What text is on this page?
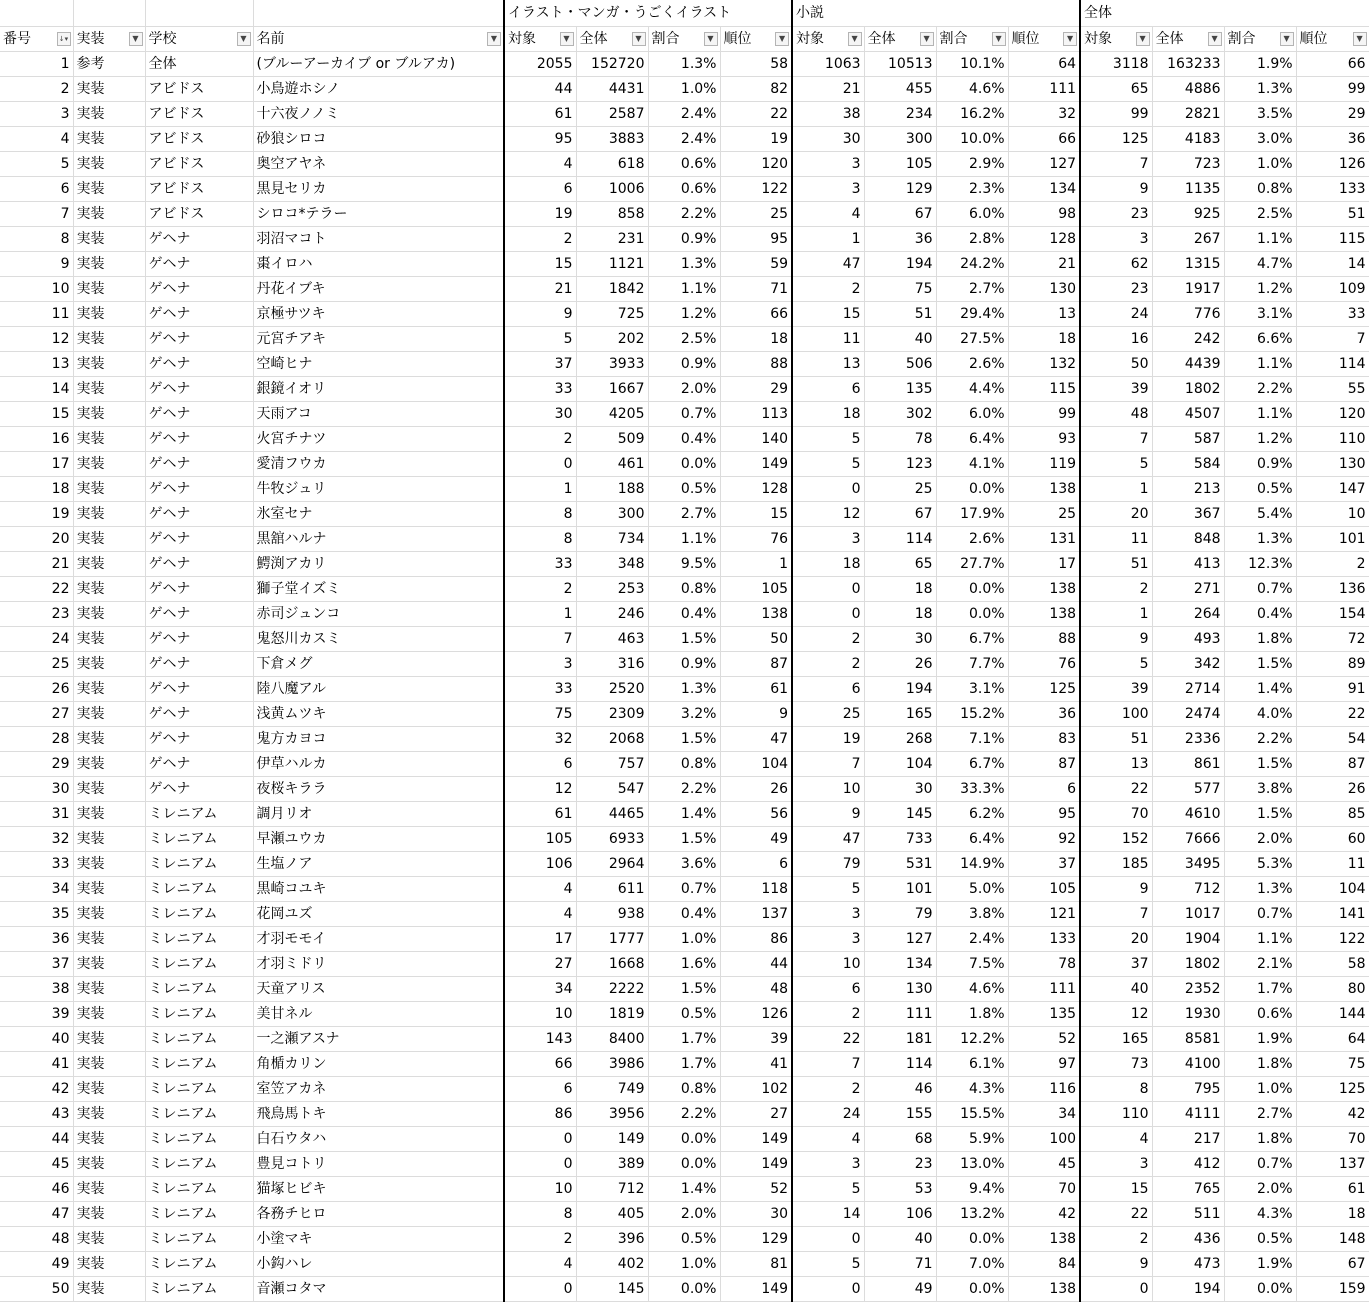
				イラスト・マンガ・うごくイラスト				小説				全体			
番号 ↓▾	実装 ▼	学校 ▼	名前 ▼	対象 ▼	全体 ▼	割合 ▼	順位 ▼	対象 ▼	全体 ▼	割合 ▼	順位 ▼	対象 ▼	全体 ▼	割合 ▼	順位 ▼

1	参考	全体	(ブルーアーカイブ or ブルアカ)	2055	152720	1.3%	58	1063	10513	10.1%	64	3118	163233	1.9%	66
2	実装	アビドス	小鳥遊ホシノ	44	4431	1.0%	82	21	455	4.6%	111	65	4886	1.3%	99
3	実装	アビドス	十六夜ノノミ	61	2587	2.4%	22	38	234	16.2%	32	99	2821	3.5%	29
4	実装	アビドス	砂狼シロコ	95	3883	2.4%	19	30	300	10.0%	66	125	4183	3.0%	36
5	実装	アビドス	奥空アヤネ	4	618	0.6%	120	3	105	2.9%	127	7	723	1.0%	126
6	実装	アビドス	黒見セリカ	6	1006	0.6%	122	3	129	2.3%	134	9	1135	0.8%	133
7	実装	アビドス	シロコ*テラー	19	858	2.2%	25	4	67	6.0%	98	23	925	2.5%	51
8	実装	ゲヘナ	羽沼マコト	2	231	0.9%	95	1	36	2.8%	128	3	267	1.1%	115
9	実装	ゲヘナ	棗イロハ	15	1121	1.3%	59	47	194	24.2%	21	62	1315	4.7%	14
10	実装	ゲヘナ	丹花イブキ	21	1842	1.1%	71	2	75	2.7%	130	23	1917	1.2%	109
11	実装	ゲヘナ	京極サツキ	9	725	1.2%	66	15	51	29.4%	13	24	776	3.1%	33
12	実装	ゲヘナ	元宮チアキ	5	202	2.5%	18	11	40	27.5%	18	16	242	6.6%	7
13	実装	ゲヘナ	空崎ヒナ	37	3933	0.9%	88	13	506	2.6%	132	50	4439	1.1%	114
14	実装	ゲヘナ	銀鏡イオリ	33	1667	2.0%	29	6	135	4.4%	115	39	1802	2.2%	55
15	実装	ゲヘナ	天雨アコ	30	4205	0.7%	113	18	302	6.0%	99	48	4507	1.1%	120
16	実装	ゲヘナ	火宮チナツ	2	509	0.4%	140	5	78	6.4%	93	7	587	1.2%	110
17	実装	ゲヘナ	愛清フウカ	0	461	0.0%	149	5	123	4.1%	119	5	584	0.9%	130
18	実装	ゲヘナ	牛牧ジュリ	1	188	0.5%	128	0	25	0.0%	138	1	213	0.5%	147
19	実装	ゲヘナ	氷室セナ	8	300	2.7%	15	12	67	17.9%	25	20	367	5.4%	10
20	実装	ゲヘナ	黒舘ハルナ	8	734	1.1%	76	3	114	2.6%	131	11	848	1.3%	101
21	実装	ゲヘナ	鰐渕アカリ	33	348	9.5%	1	18	65	27.7%	17	51	413	12.3%	2
22	実装	ゲヘナ	獅子堂イズミ	2	253	0.8%	105	0	18	0.0%	138	2	271	0.7%	136
23	実装	ゲヘナ	赤司ジュンコ	1	246	0.4%	138	0	18	0.0%	138	1	264	0.4%	154
24	実装	ゲヘナ	鬼怒川カスミ	7	463	1.5%	50	2	30	6.7%	88	9	493	1.8%	72
25	実装	ゲヘナ	下倉メグ	3	316	0.9%	87	2	26	7.7%	76	5	342	1.5%	89
26	実装	ゲヘナ	陸八魔アル	33	2520	1.3%	61	6	194	3.1%	125	39	2714	1.4%	91
27	実装	ゲヘナ	浅黄ムツキ	75	2309	3.2%	9	25	165	15.2%	36	100	2474	4.0%	22
28	実装	ゲヘナ	鬼方カヨコ	32	2068	1.5%	47	19	268	7.1%	83	51	2336	2.2%	54
29	実装	ゲヘナ	伊草ハルカ	6	757	0.8%	104	7	104	6.7%	87	13	861	1.5%	87
30	実装	ゲヘナ	夜桜キララ	12	547	2.2%	26	10	30	33.3%	6	22	577	3.8%	26
31	実装	ミレニアム	調月リオ	61	4465	1.4%	56	9	145	6.2%	95	70	4610	1.5%	85
32	実装	ミレニアム	早瀬ユウカ	105	6933	1.5%	49	47	733	6.4%	92	152	7666	2.0%	60
33	実装	ミレニアム	生塩ノア	106	2964	3.6%	6	79	531	14.9%	37	185	3495	5.3%	11
34	実装	ミレニアム	黒崎コユキ	4	611	0.7%	118	5	101	5.0%	105	9	712	1.3%	104
35	実装	ミレニアム	花岡ユズ	4	938	0.4%	137	3	79	3.8%	121	7	1017	0.7%	141
36	実装	ミレニアム	才羽モモイ	17	1777	1.0%	86	3	127	2.4%	133	20	1904	1.1%	122
37	実装	ミレニアム	才羽ミドリ	27	1668	1.6%	44	10	134	7.5%	78	37	1802	2.1%	58
38	実装	ミレニアム	天童アリス	34	2222	1.5%	48	6	130	4.6%	111	40	2352	1.7%	80
39	実装	ミレニアム	美甘ネル	10	1819	0.5%	126	2	111	1.8%	135	12	1930	0.6%	144
40	実装	ミレニアム	一之瀬アスナ	143	8400	1.7%	39	22	181	12.2%	52	165	8581	1.9%	64
41	実装	ミレニアム	角楯カリン	66	3986	1.7%	41	7	114	6.1%	97	73	4100	1.8%	75
42	実装	ミレニアム	室笠アカネ	6	749	0.8%	102	2	46	4.3%	116	8	795	1.0%	125
43	実装	ミレニアム	飛鳥馬トキ	86	3956	2.2%	27	24	155	15.5%	34	110	4111	2.7%	42
44	実装	ミレニアム	白石ウタハ	0	149	0.0%	149	4	68	5.9%	100	4	217	1.8%	70
45	実装	ミレニアム	豊見コトリ	0	389	0.0%	149	3	23	13.0%	45	3	412	0.7%	137
46	実装	ミレニアム	猫塚ヒビキ	10	712	1.4%	52	5	53	9.4%	70	15	765	2.0%	61
47	実装	ミレニアム	各務チヒロ	8	405	2.0%	30	14	106	13.2%	42	22	511	4.3%	18
48	実装	ミレニアム	小塗マキ	2	396	0.5%	129	0	40	0.0%	138	2	436	0.5%	148
49	実装	ミレニアム	小鈎ハレ	4	402	1.0%	81	5	71	7.0%	84	9	473	1.9%	67
50	実装	ミレニアム	音瀬コタマ	0	145	0.0%	149	0	49	0.0%	138	0	194	0.0%	159
